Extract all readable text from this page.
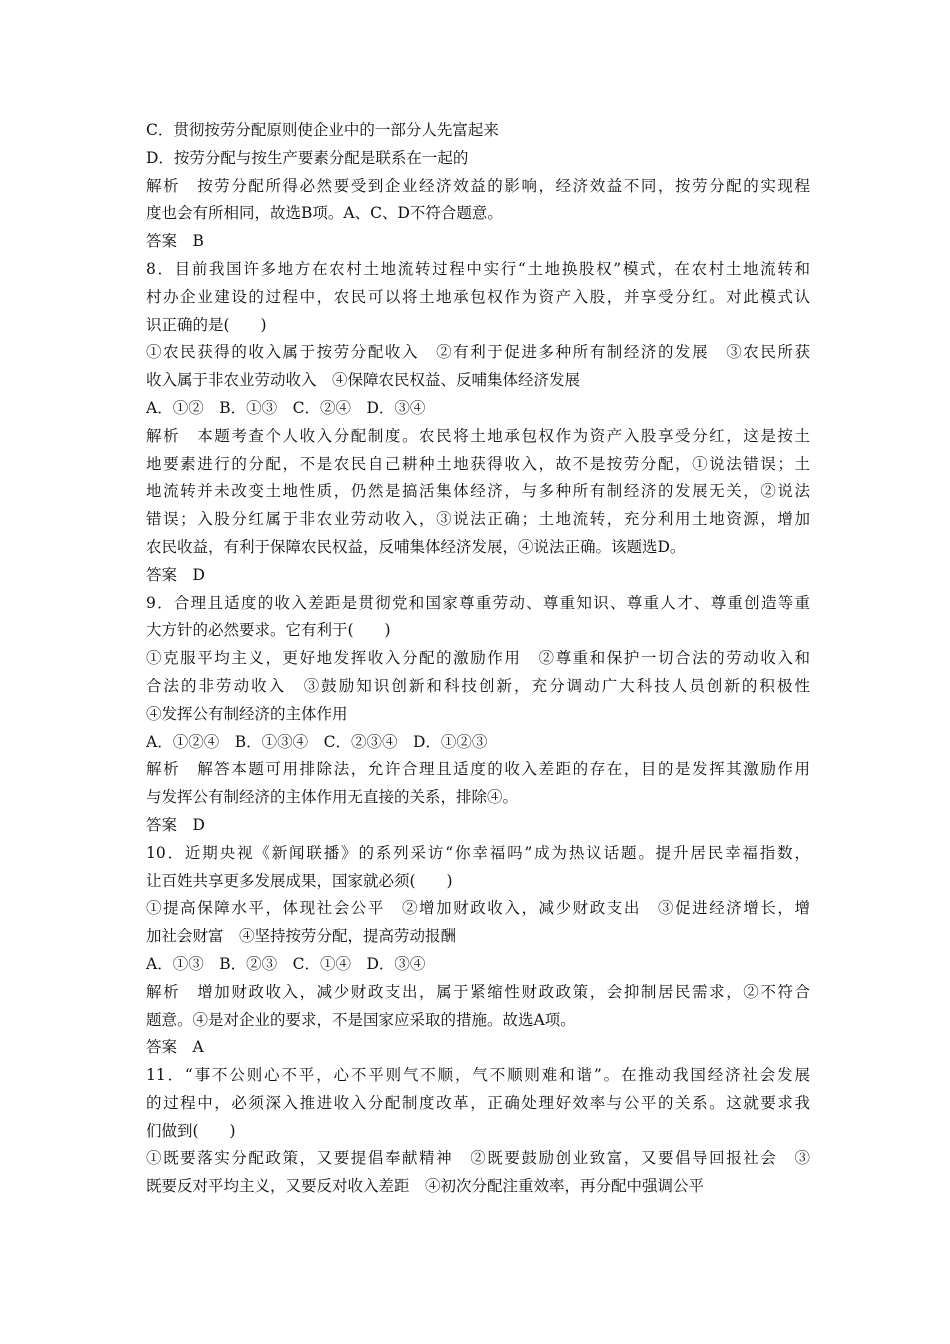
C．贯彻按劳分配原则使企业中的一部分人先富起来
D．按劳分配与按生产要素分配是联系在一起的
解析　按劳分配所得必然要受到企业经济效益的影响，经济效益不同，按劳分配的实现程
度也会有所相同，故选B项。A、C、D不符合题意。
答案　B
8．目前我国许多地方在农村土地流转过程中实行“土地换股权”模式，在农村土地流转和
村办企业建设的过程中，农民可以将土地承包权作为资产入股，并享受分红。对此模式认
识正确的是(　　)
①农民获得的收入属于按劳分配收入　②有利于促进多种所有制经济的发展　③农民所获
收入属于非农业劳动收入　④保障农民权益、反哺集体经济发展
A．①②　B．①③　C．②④　D．③④
解析　本题考查个人收入分配制度。农民将土地承包权作为资产入股享受分红，这是按土
地要素进行的分配，不是农民自己耕种土地获得收入，故不是按劳分配，①说法错误；土
地流转并未改变土地性质，仍然是搞活集体经济，与多种所有制经济的发展无关，②说法
错误；入股分红属于非农业劳动收入，③说法正确；土地流转，充分利用土地资源，增加
农民收益，有利于保障农民权益，反哺集体经济发展，④说法正确。该题选D。
答案　D
9．合理且适度的收入差距是贯彻党和国家尊重劳动、尊重知识、尊重人才、尊重创造等重
大方针的必然要求。它有利于(　　)
①克服平均主义，更好地发挥收入分配的激励作用　②尊重和保护一切合法的劳动收入和
合法的非劳动收入　③鼓励知识创新和科技创新，充分调动广大科技人员创新的积极性
④发挥公有制经济的主体作用
A．①②④　B．①③④　C．②③④　D．①②③
解析　解答本题可用排除法，允许合理且适度的收入差距的存在，目的是发挥其激励作用
与发挥公有制经济的主体作用无直接的关系，排除④。
答案　D
10．近期央视《新闻联播》的系列采访“你幸福吗”成为热议话题。提升居民幸福指数，
让百姓共享更多发展成果，国家就必须(　　)
①提高保障水平，体现社会公平　②增加财政收入，减少财政支出　③促进经济增长，增
加社会财富　④坚持按劳分配，提高劳动报酬
A．①③　B．②③　C．①④　D．③④
解析　增加财政收入，减少财政支出，属于紧缩性财政政策，会抑制居民需求，②不符合
题意。④是对企业的要求，不是国家应采取的措施。故选A项。
答案　A
11．“事不公则心不平，心不平则气不顺，气不顺则难和谐”。在推动我国经济社会发展
的过程中，必须深入推进收入分配制度改革，正确处理好效率与公平的关系。这就要求我
们做到(　　)
①既要落实分配政策，又要提倡奉献精神　②既要鼓励创业致富，又要倡导回报社会　③
既要反对平均主义，又要反对收入差距　④初次分配注重效率，再分配中强调公平
